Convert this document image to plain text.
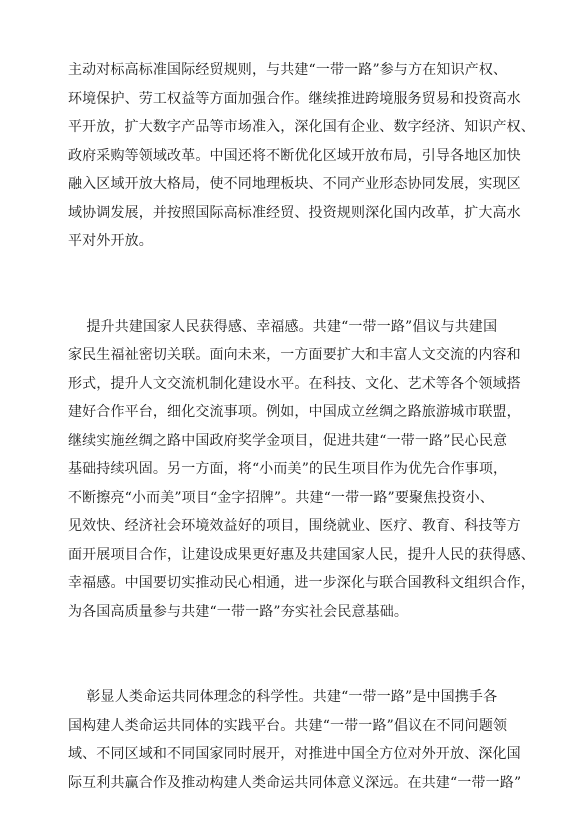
主动对标高标准国际经贸规则，与共建“一带一路”参与方在知识产权、
环境保护、劳工权益等方面加强合作。继续推进跨境服务贸易和投资高水
平开放，扩大数字产品等市场准入，深化国有企业、数字经济、知识产权、
政府采购等领域改革。中国还将不断优化区域开放布局，引导各地区加快
融入区域开放大格局，使不同地理板块、不同产业形态协同发展，实现区
域协调发展，并按照国际高标准经贸、投资规则深化国内改革，扩大高水
平对外开放。
提升共建国家人民获得感、幸福感。共建“一带一路”倡议与共建国
家民生福祉密切关联。面向未来，一方面要扩大和丰富人文交流的内容和
形式，提升人文交流机制化建设水平。在科技、文化、艺术等各个领域搭
建好合作平台，细化交流事项。例如，中国成立丝绸之路旅游城市联盟，
继续实施丝绸之路中国政府奖学金项目，促进共建“一带一路”民心民意
基础持续巩固。另一方面，将“小而美”的民生项目作为优先合作事项，
不断擦亮“小而美”项目“金字招牌”。共建“一带一路”要聚焦投资小、
见效快、经济社会环境效益好的项目，围绕就业、医疗、教育、科技等方
面开展项目合作，让建设成果更好惠及共建国家人民，提升人民的获得感、
幸福感。中国要切实推动民心相通，进一步深化与联合国教科文组织合作，
为各国高质量参与共建“一带一路”夯实社会民意基础。
彰显人类命运共同体理念的科学性。共建“一带一路”是中国携手各
国构建人类命运共同体的实践平台。共建“一带一路”倡议在不同问题领
域、不同区域和不同国家同时展开，对推进中国全方位对外开放、深化国
际互利共赢合作及推动构建人类命运共同体意义深远。在共建“一带一路”
